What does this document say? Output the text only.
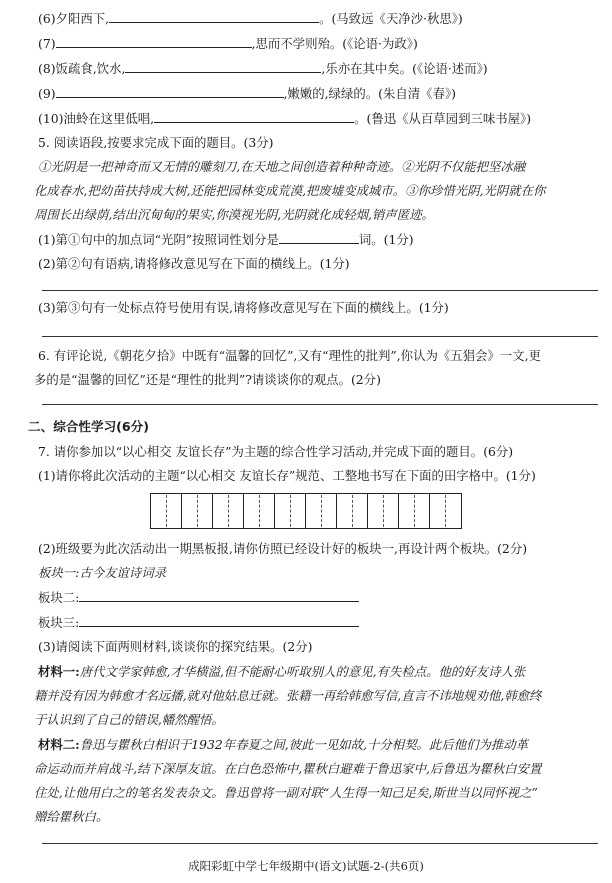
(6)夕阳西下,	。(马致远《天净沙·秋思》)
(7)	,思而不学则殆。(《论语·为政》)
(8)饭疏食,饮水,	,乐亦在其中矣。(《论语·述而》)
(9)	,嫩嫩的,绿绿的。(朱自清《春》)
(10)油蛉在这里低唱,	。(鲁迅《从百草园到三味书屋》)
5. 阅读语段,按要求完成下面的题目。(3分)
①光阴是一把神奇而又无情的雕刻刀,在天地之间创造着种种奇迹。②光阴不仅能把坚冰融
化成春水,把幼苗扶持成大树,还能把园林变成荒漠,把废墟变成城市。③你珍惜光阴,光阴就在你
周围长出绿荫,结出沉甸甸的果实,你漠视光阴,光阴就化成轻烟,销声匿迹。
(1)第①句中的加点词“光阴”按照词性划分是	词。(1分)
(2)第②句有语病,请将修改意见写在下面的横线上。(1分)
(3)第③句有一处标点符号使用有误,请将修改意见写在下面的横线上。(1分)
6. 有评论说,《朝花夕拾》中既有“温馨的回忆”,又有“理性的批判”,你认为《五猖会》一文,更
多的是“温馨的回忆”还是“理性的批判”?请谈谈你的观点。(2分)
二、综合性学习(6分)
7. 请你参加以“以心相交 友谊长存”为主题的综合性学习活动,并完成下面的题目。(6分)
(1)请你将此次活动的主题“以心相交 友谊长存”规范、工整地书写在下面的田字格中。(1分)
(2)班级要为此次活动出一期黑板报,请你仿照已经设计好的板块一,再设计两个板块。(2分)
板块一:古今友谊诗词录
板块二:
板块三:
(3)请阅读下面两则材料,谈谈你的探究结果。(2分)
材料一:唐代文学家韩愈,才华横溢,但不能耐心听取别人的意见,有失检点。他的好友诗人张
籍并没有因为韩愈才名远播,就对他姑息迁就。张籍一再给韩愈写信,直言不讳地规劝他,韩愈终
于认识到了自己的错误,幡然醒悟。
材料二:鲁迅与瞿秋白相识于1932年春夏之间,彼此一见如故,十分相契。此后他们为推动革
命运动而并肩战斗,结下深厚友谊。在白色恐怖中,瞿秋白避难于鲁迅家中,后鲁迅为瞿秋白安置
住处,让他用白之的笔名发表杂文。鲁迅曾将一副对联“人生得一知己足矣,斯世当以同怀视之”
赠给瞿秋白。
成阳彩虹中学七年级期中(语文)试题-2-(共6页)
